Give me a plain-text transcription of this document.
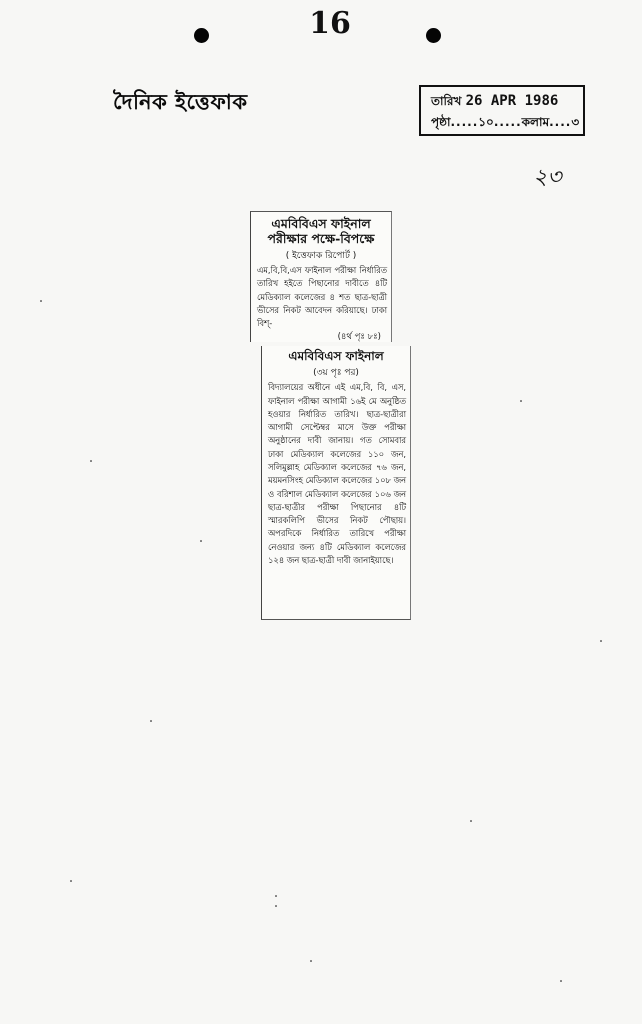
16
দৈনিক ইত্তেফাক	তারিখ 26 APR 1986
পৃষ্ঠা.....১০.....কলাম....৩
২৩
এমবিবিএস ফাইনাল পরীক্ষার পক্ষে-বিপক্ষে
( ইত্তেফাক রিপোর্ট )
এম,বি,বি,এস ফাইনাল পরীক্ষা নির্ধারিত তারিখ হইতে পিছানোর দাবীতে ৪টি মেডিক্যাল কলেজের ৪ শত ছাত্র-ছাত্রী ভীসের নিকট আবেদন করিয়াছে। ঢাকা বিশ্-
(৪র্থ পৃঃ ৮ঃ)
এমবিবিএস ফাইনাল
(৩য় পৃঃ পর)
বিদ্যালয়ের অধীনে এই এম,বি, বি, এস, ফাইনাল পরীক্ষা আগামী ১৬ই মে অনুষ্ঠিত হওয়ার নির্ধারিত তারিখ। ছাত্র-ছাত্রীরা আগামী সেপ্টেম্বর মাসে উক্ত পরীক্ষা অনুষ্ঠানের দাবী জানায়। গত সোমবার ঢাকা মেডিক্যাল কলেজের ১১০ জন, সলিমুল্লাহ মেডিক্যাল কলেজের ৭৬ জন, ময়মনসিংহ মেডিক্যাল কলেজের ১০৮ জন ও বরিশাল মেডিক্যাল কলেজের ১০৬ জন ছাত্র-ছাত্রীর পরীক্ষা পিছানোর ৪টি স্মারকলিপি ভীসের নিকট পৌছায়। অপরদিকে নির্ধারিত তারিখে পরীক্ষা নেওয়ার জন্য ৪টি মেডিক্যাল কলেজের ১২৪ জন ছাত্র-ছাত্রী দাবী জানাইয়াছে।
